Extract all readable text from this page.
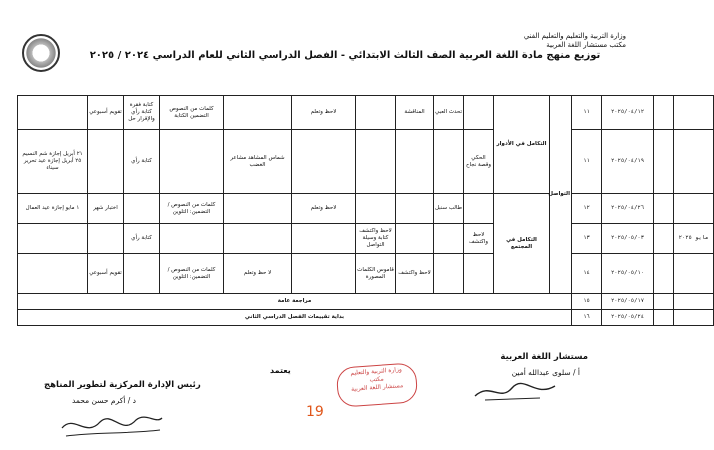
وزارة التربية والتعليم والتعليم الفني
مكتب مستشار اللغة العربية
توزيع منهج مادة اللغة العربية الصف الثالث الابتدائي - الفصل الدراسي الثاني للعام الدراسي ٢٠٢٤ / ٢٠٢٥
	تقويم أسبوعي	كتابة فقرة كتابة رأي والإقرار حل	كلمات من النصوص التضمين الكتابة		لاحظ وتعلم		المناقشة	تحدث العبي		التكامل في الأدوار	التواصل	١١	٢٠٢٥/٠٤/١٢		
٢١ أبريل إجازة شم النسيم ٢٥ أبريل إجازة عيد تحرير سيناء		كتابة رأي		شماس المشاهد مشاعر الغضب					الحكي وقصة نجاح			١١	٢٠٢٥/٠٤/١٩		
١ مايو إجازة عيد العمال	اختبار شهر		كلمات من النصوص / التضمين: التلوين		لاحظ وتعلم			طالب سنبل		التكامل في المجتمع		١٢	٢٠٢٥/٠٤/٢٦		
		كتابة رأي				لاحظ واكتشف كتابة وسيلة التواصل			لاحظ واكتشف			١٣	٢٠٢٥/٠٥/٠٣		مايو ٢٠٢٥
	تقويم أسبوعي		كلمات من النصوص / التضمين: التلوين	لا حظ وتعلم		قاموس الكلمات المصورة	لاحظ واكتشف					١٤	٢٠٢٥/٠٥/١٠		
مراجعة عامة												١٥	٢٠٢٥/٠٥/١٧		
بداية تقييمات الفصل الدراسي الثاني												١٦	٢٠٢٥/٠٥/٢٤		
مستشار اللغة العربية
أ / سلوى عبدالله أمين
يعتمد
رئيس الإدارة المركزية لتطوير المناهج
د / أكرم حسن محمد
وزارة التربية والتعليم
مكتب
مستشار اللغة العربية
19
